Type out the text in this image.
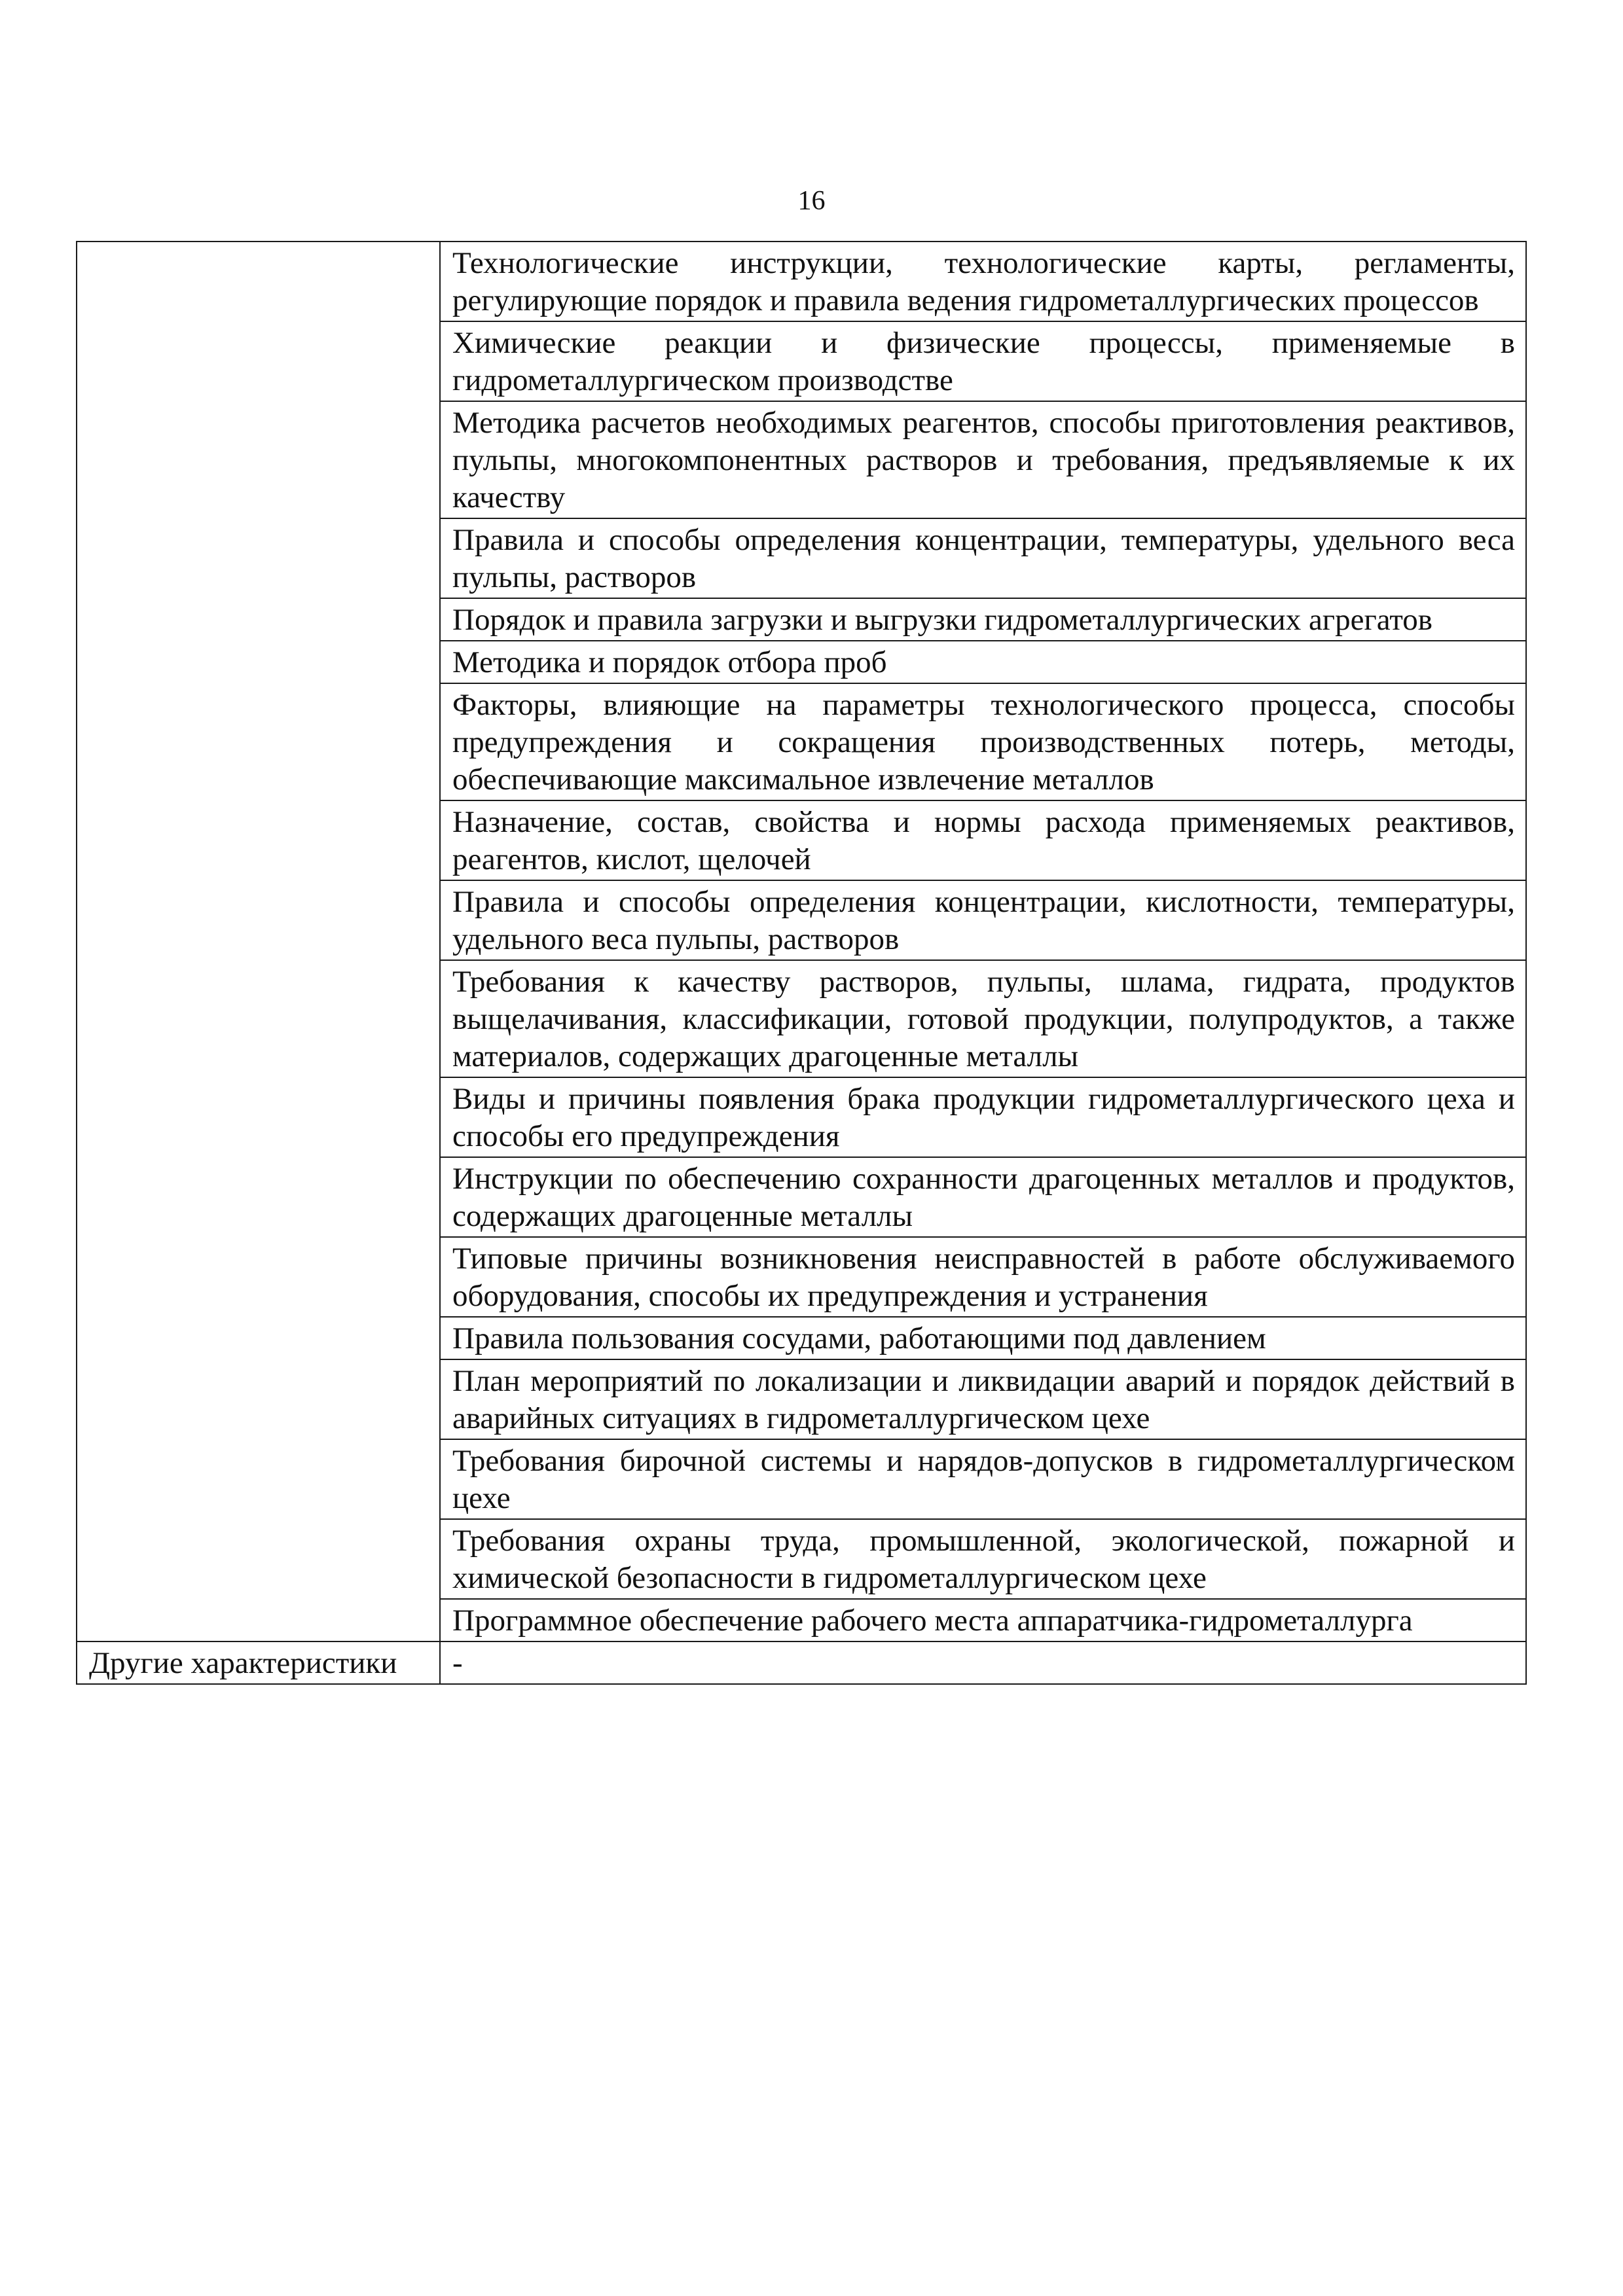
16
	Технологические инструкции, технологические карты, регламенты, регулирующие порядок и правила ведения гидрометаллургических процессов
	Химические реакции и физические процессы, применяемые в гидрометаллургическом производстве
	Методика расчетов необходимых реагентов, способы приготовления реактивов, пульпы, многокомпонентных растворов и требования, предъявляемые к их качеству
	Правила и способы определения концентрации, температуры, удельного веса пульпы, растворов
	Порядок и правила загрузки и выгрузки гидрометаллургических агрегатов
	Методика и порядок отбора проб
	Факторы, влияющие на параметры технологического процесса, способы предупреждения и сокращения производственных потерь, методы, обеспечивающие максимальное извлечение металлов
	Назначение, состав, свойства и нормы расхода применяемых реактивов, реагентов, кислот, щелочей
	Правила и способы определения концентрации, кислотности, температуры, удельного веса пульпы, растворов
	Требования к качеству растворов, пульпы, шлама, гидрата, продуктов выщелачивания, классификации, готовой продукции, полупродуктов, а также материалов, содержащих драгоценные металлы
	Виды и причины появления брака продукции гидрометаллургического цеха и способы его предупреждения
	Инструкции по обеспечению сохранности драгоценных металлов и продуктов, содержащих драгоценные металлы
	Типовые причины возникновения неисправностей в работе обслуживаемого оборудования, способы их предупреждения и устранения
	Правила пользования сосудами, работающими под давлением
	План мероприятий по локализации и ликвидации аварий и порядок действий в аварийных ситуациях в гидрометаллургическом цехе
	Требования бирочной системы и нарядов-допусков в гидрометаллургическом цехе
	Требования охраны труда, промышленной, экологической, пожарной и химической безопасности в гидрометаллургическом цехе
	Программное обеспечение рабочего места аппаратчика-гидрометаллурга
Другие характеристики	-
